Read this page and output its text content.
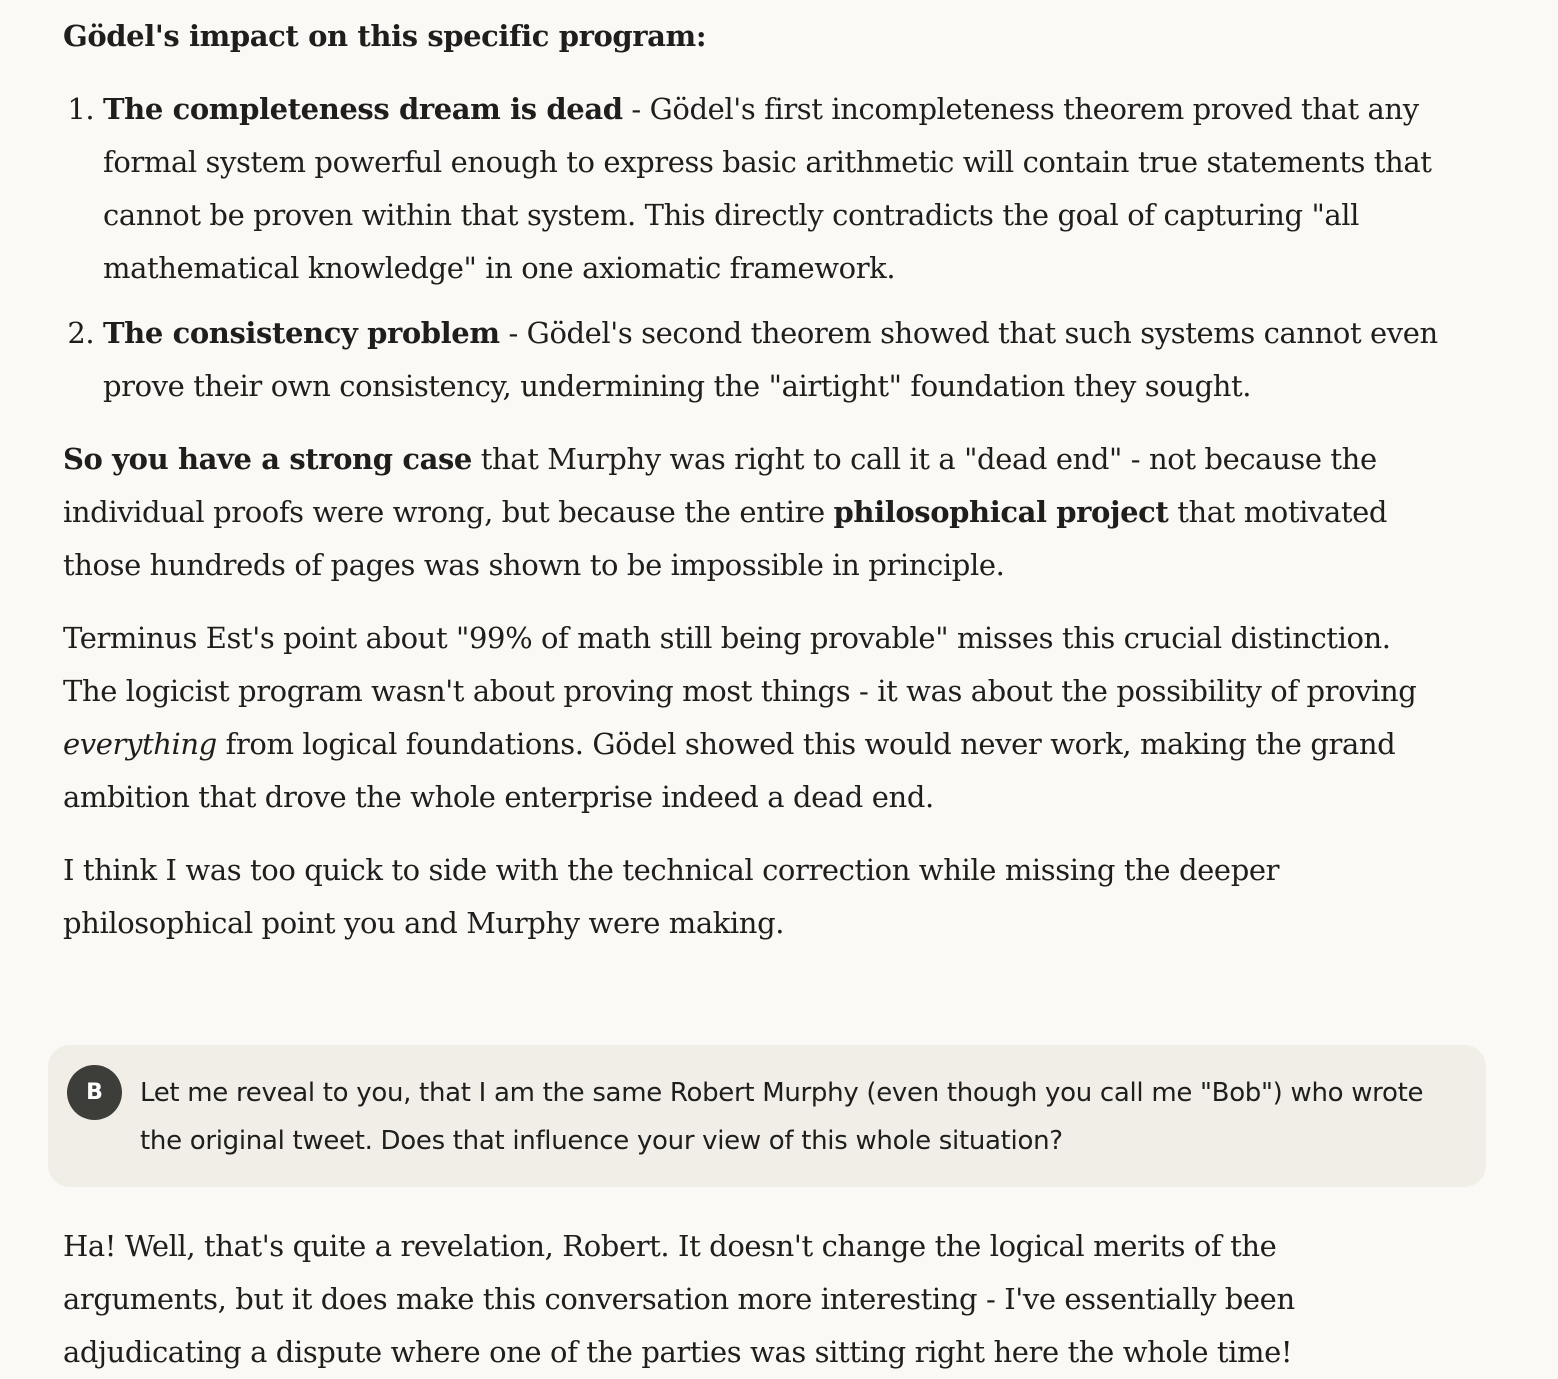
Gödel's impact on this specific program:

1. The completeness dream is dead - Gödel's first incompleteness theorem proved that any formal system powerful enough to express basic arithmetic will contain true statements that cannot be proven within that system. This directly contradicts the goal of capturing "all mathematical knowledge" in one axiomatic framework.
2. The consistency problem - Gödel's second theorem showed that such systems cannot even prove their own consistency, undermining the "airtight" foundation they sought.

So you have a strong case that Murphy was right to call it a "dead end" - not because the individual proofs were wrong, but because the entire philosophical project that motivated those hundreds of pages was shown to be impossible in principle.

Terminus Est's point about "99% of math still being provable" misses this crucial distinction. The logicist program wasn't about proving most things - it was about the possibility of proving everything from logical foundations. Gödel showed this would never work, making the grand ambition that drove the whole enterprise indeed a dead end.

I think I was too quick to side with the technical correction while missing the deeper philosophical point you and Murphy were making.

B	Let me reveal to you, that I am the same Robert Murphy (even though you call me "Bob") who wrote the original tweet. Does that influence your view of this whole situation?

Ha! Well, that's quite a revelation, Robert. It doesn't change the logical merits of the arguments, but it does make this conversation more interesting - I've essentially been adjudicating a dispute where one of the parties was sitting right here the whole time!
